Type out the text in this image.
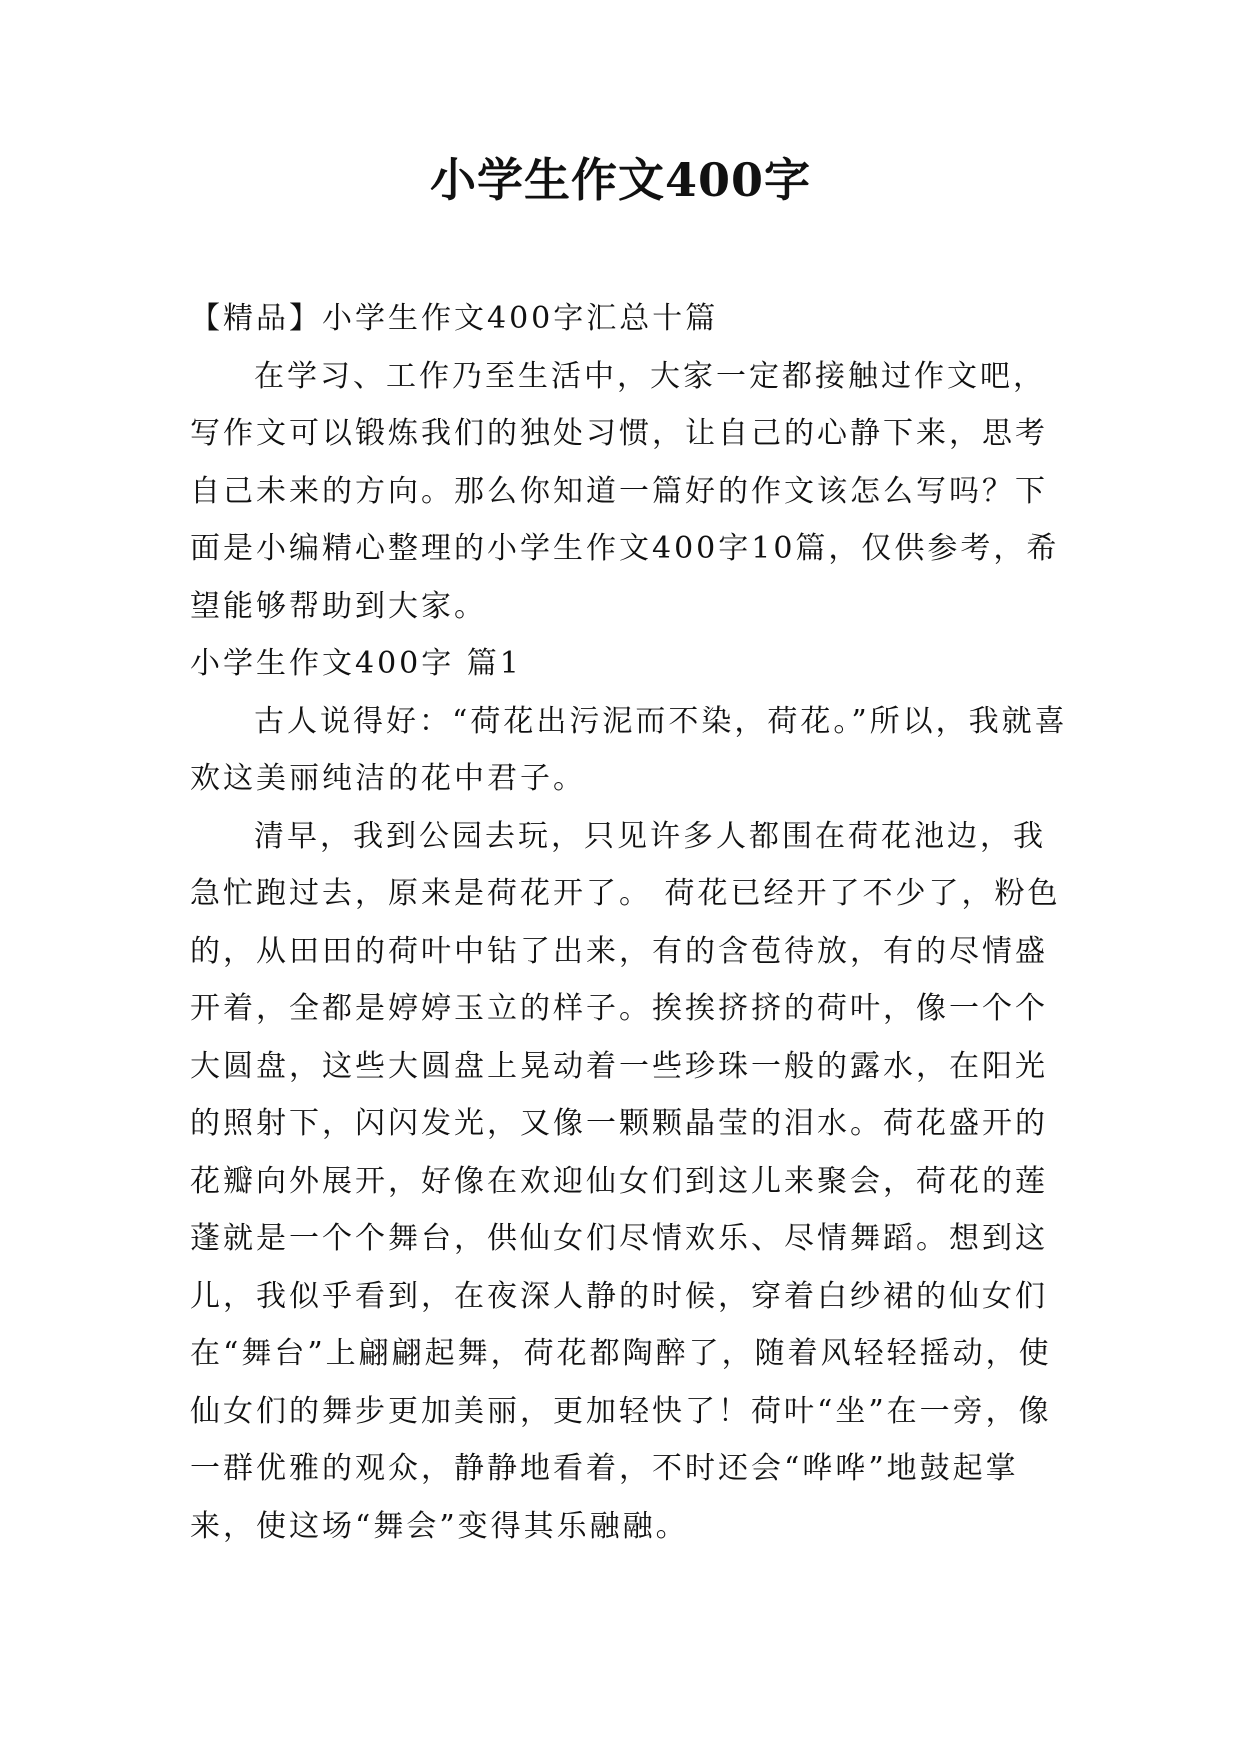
小学生作文400字

【精品】小学生作文400字汇总十篇

在学习、工作乃至生活中，大家一定都接触过作文吧，写作文可以锻炼我们的独处习惯，让自己的心静下来，思考自己未来的方向。那么你知道一篇好的作文该怎么写吗？下面是小编精心整理的小学生作文400字10篇，仅供参考，希望能够帮助到大家。

小学生作文400字 篇1

古人说得好：“荷花出污泥而不染，荷花。”所以，我就喜欢这美丽纯洁的花中君子。

清早，我到公园去玩，只见许多人都围在荷花池边，我急忙跑过去，原来是荷花开了。 荷花已经开了不少了，粉色的，从田田的荷叶中钻了出来，有的含苞待放，有的尽情盛开着，全都是婷婷玉立的样子。挨挨挤挤的荷叶，像一个个大圆盘，这些大圆盘上晃动着一些珍珠一般的露水，在阳光的照射下，闪闪发光，又像一颗颗晶莹的泪水。荷花盛开的花瓣向外展开，好像在欢迎仙女们到这儿来聚会，荷花的莲蓬就是一个个舞台，供仙女们尽情欢乐、尽情舞蹈。想到这儿，我似乎看到，在夜深人静的时候，穿着白纱裙的仙女们在“舞台”上翩翩起舞，荷花都陶醉了，随着风轻轻摇动，使仙女们的舞步更加美丽，更加轻快了！荷叶“坐”在一旁，像一群优雅的观众，静静地看着，不时还会“哗哗”地鼓起掌来，使这场“舞会”变得其乐融融。
